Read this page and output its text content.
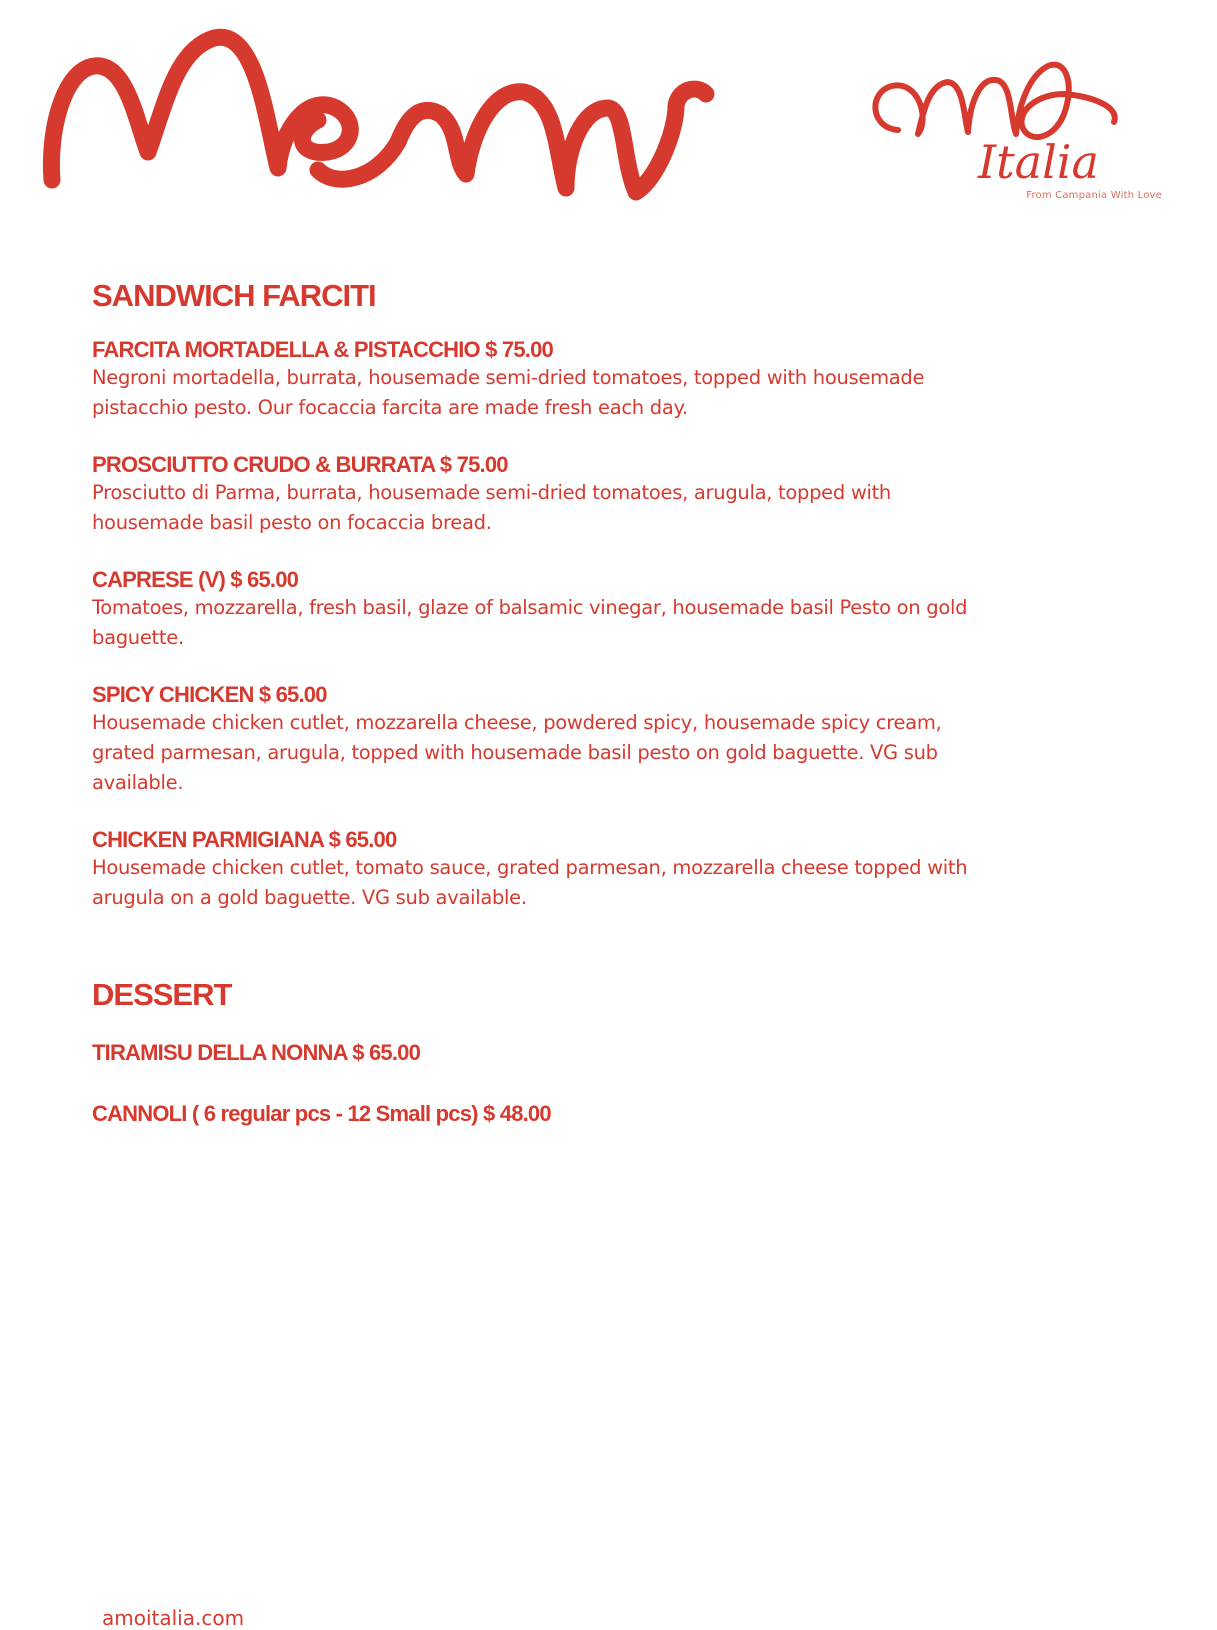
Italia
From Campania With Love
SANDWICH FARCITI
FARCITA MORTADELLA & PISTACCHIO $ 75.00
Negroni mortadella, burrata, housemade semi-dried tomatoes, topped with housemade pistacchio pesto. Our focaccia farcita are made fresh each day.
PROSCIUTTO CRUDO & BURRATA $ 75.00
Prosciutto di Parma, burrata, housemade semi-dried tomatoes, arugula, topped with housemade basil pesto on focaccia bread.
CAPRESE (V) $ 65.00
Tomatoes, mozzarella, fresh basil, glaze of balsamic vinegar, housemade basil Pesto on gold baguette.
SPICY CHICKEN $ 65.00
Housemade chicken cutlet, mozzarella cheese, powdered spicy, housemade spicy cream, grated parmesan, arugula, topped with housemade basil pesto on gold baguette. VG sub available.
CHICKEN PARMIGIANA $ 65.00
Housemade chicken cutlet, tomato sauce, grated parmesan, mozzarella cheese topped with arugula on a gold baguette. VG sub available.
DESSERT
TIRAMISU DELLA NONNA $ 65.00
CANNOLI ( 6 regular pcs - 12 Small pcs) $ 48.00
amoitalia.com
